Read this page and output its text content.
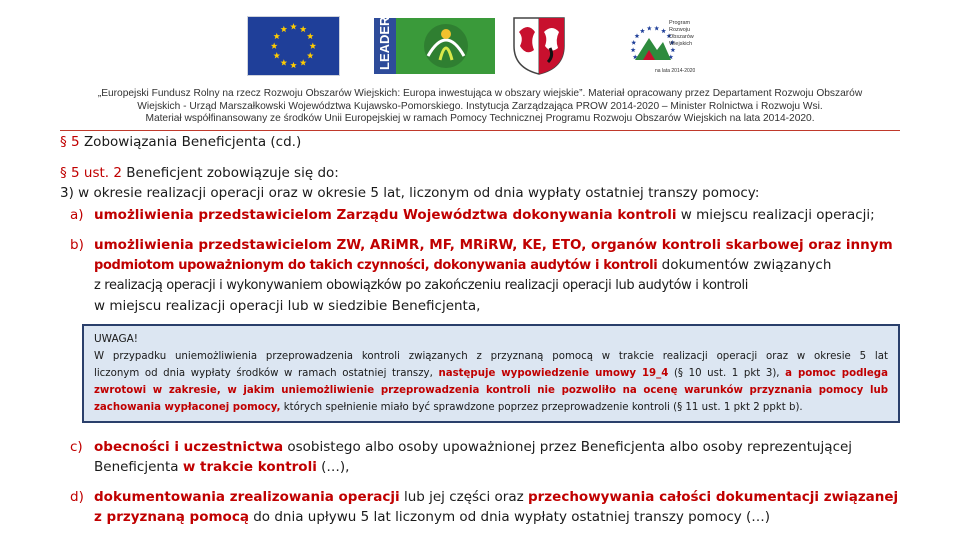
LEADER	Program
Rozwoju
Obszarów
Wiejskich
na lata 2014-2020
„Europejski Fundusz Rolny na rzecz Rozwoju Obszarów Wiejskich: Europa inwestująca w obszary wiejskie”. Materiał opracowany przez Departament Rozwoju Obszarów
Wiejskich - Urząd Marszałkowski Województwa Kujawsko-Pomorskiego. Instytucja Zarządzająca PROW 2014-2020 – Minister Rolnictwa i Rozwoju Wsi.
Materiał współfinansowany ze środków Unii Europejskiej w ramach Pomocy Technicznej Programu Rozwoju Obszarów Wiejskich na lata 2014-2020.
§ 5 Zobowiązania Beneficjenta (cd.)
§ 5 ust. 2 Beneficjent zobowiązuje się do:
3) w okresie realizacji operacji oraz w okresie 5 lat, liczonym od dnia wypłaty ostatniej transzy pomocy:
a) umożliwienia przedstawicielom Zarządu Województwa dokonywania kontroli w miejscu realizacji operacji;
b) umożliwienia przedstawicielom ZW, ARiMR, MF, MRiRW, KE, ETO, organów kontroli skarbowej oraz innym
podmiotom upoważnionym do takich czynności, dokonywania audytów i kontroli dokumentów związanych
z realizacją operacji i wykonywaniem obowiązków po zakończeniu realizacji operacji lub audytów i kontroli
w miejscu realizacji operacji lub w siedzibie Beneficjenta,
UWAGA!
W przypadku uniemożliwienia przeprowadzenia kontroli związanych z przyznaną pomocą w trakcie realizacji operacji oraz w okresie 5 lat
liczonym od dnia wypłaty środków w ramach ostatniej transzy, następuje wypowiedzenie umowy 19_4 (§ 10 ust. 1 pkt 3), a pomoc podlega
zwrotowi w zakresie, w jakim uniemożliwienie przeprowadzenia kontroli nie pozwoliło na ocenę warunków przyznania pomocy lub
zachowania wypłaconej pomocy, których spełnienie miało być sprawdzone poprzez przeprowadzenie kontroli (§ 11 ust. 1 pkt 2 ppkt b).
c) obecności i uczestnictwa osobistego albo osoby upoważnionej przez Beneficjenta albo osoby reprezentującej
Beneficjenta w trakcie kontroli (…),
d) dokumentowania zrealizowania operacji lub jej części oraz przechowywania całości dokumentacji związanej
z przyznaną pomocą do dnia upływu 5 lat liczonym od dnia wypłaty ostatniej transzy pomocy (…)
